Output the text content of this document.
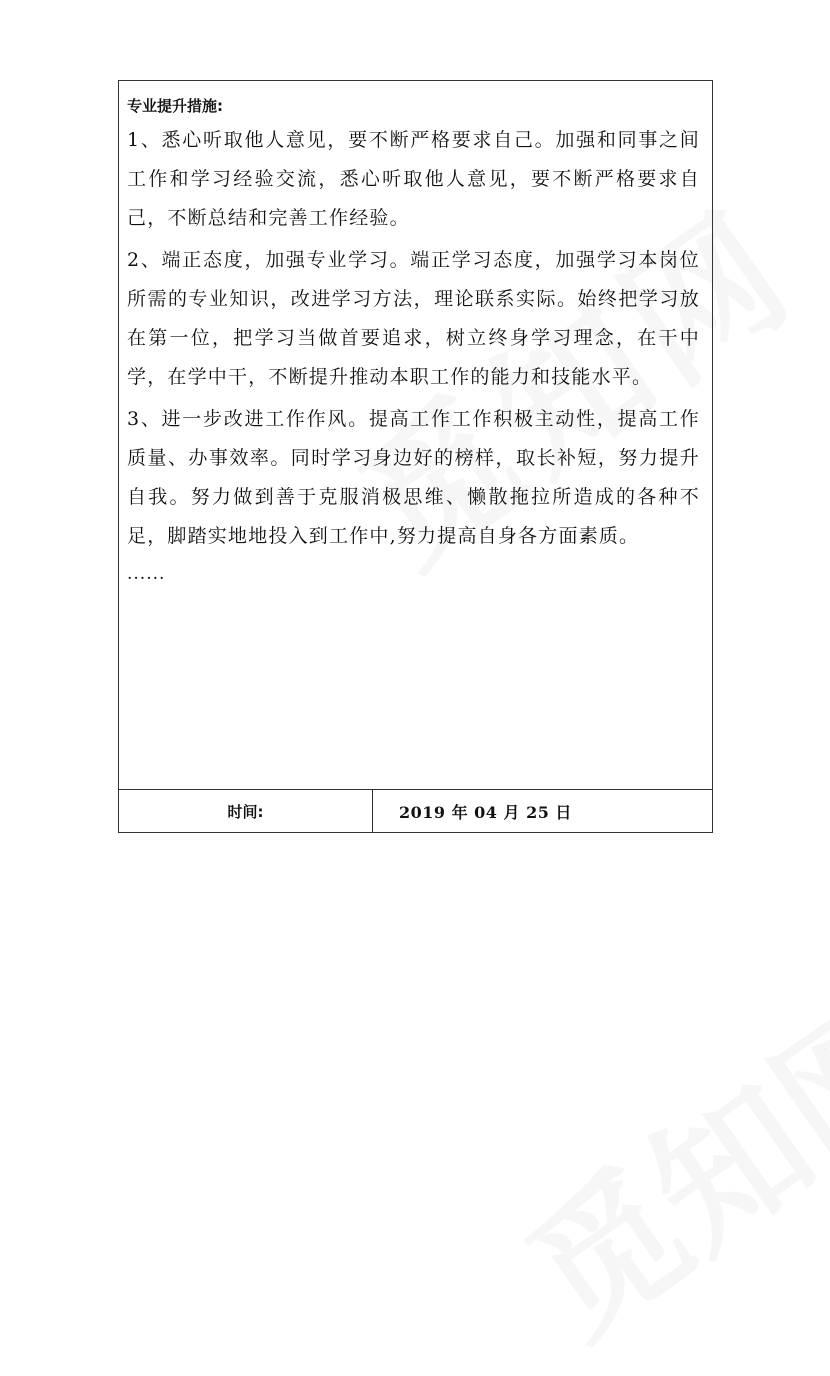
专业提升措施:

1、悉心听取他人意见，要不断严格要求自己。加强和同事之间工作和学习经验交流，悉心听取他人意见，要不断严格要求自己，不断总结和完善工作经验。

2、端正态度，加强专业学习。端正学习态度，加强学习本岗位所需的专业知识，改进学习方法，理论联系实际。始终把学习放在第一位，把学习当做首要追求，树立终身学习理念，在干中学，在学中干，不断提升推动本职工作的能力和技能水平。

3、进一步改进工作作风。提高工作工作积极主动性，提高工作质量、办事效率。同时学习身边好的榜样，取长补短，努力提升自我。努力做到善于克服消极思维、懒散拖拉所造成的各种不足，脚踏实地地投入到工作中,努力提高自身各方面素质。

......

时间:	2019 年 04 月 25 日
